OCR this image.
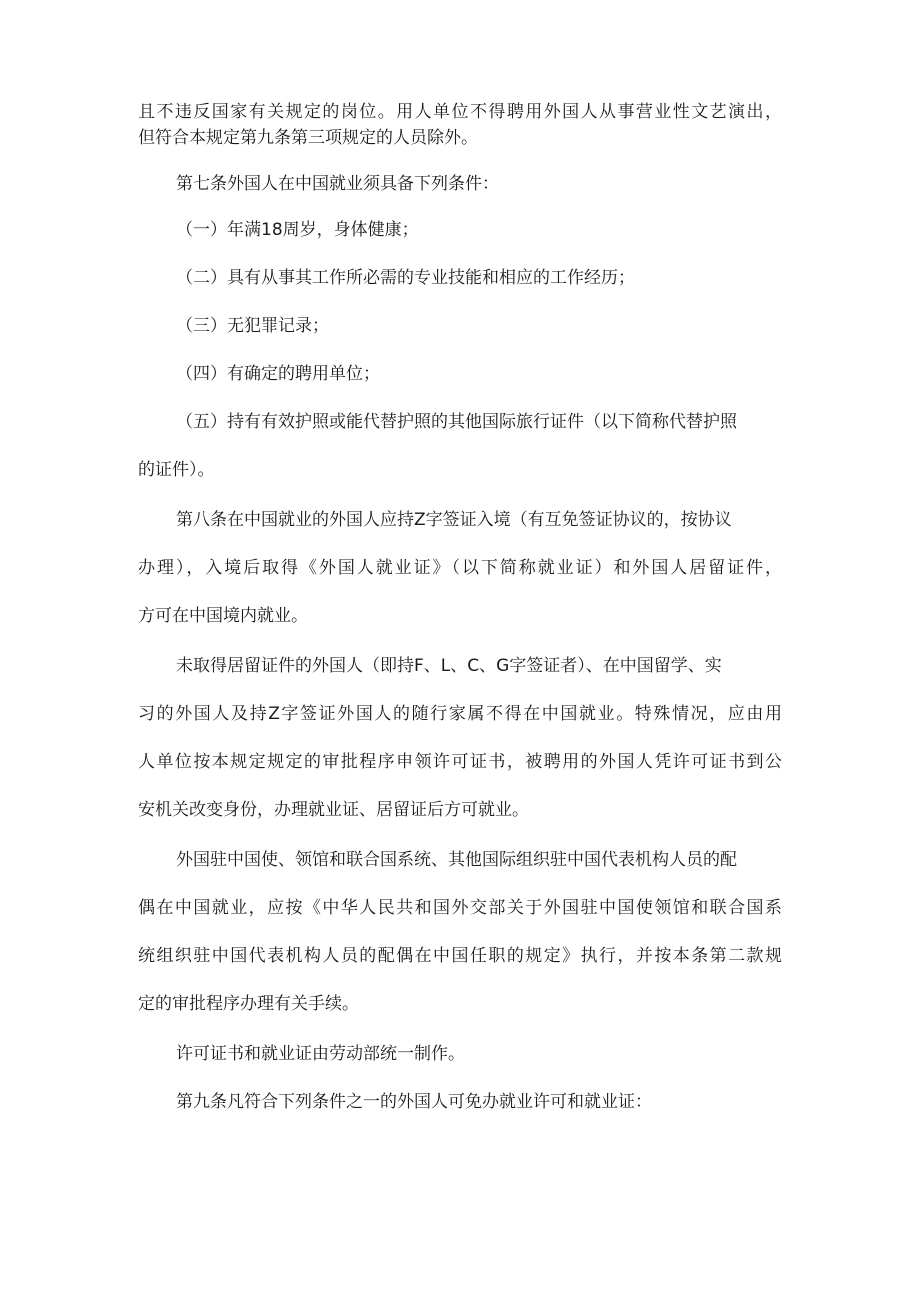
且不违反国家有关规定的岗位。用人单位不得聘用外国人从事营业性文艺演出，
但符合本规定第九条第三项规定的人员除外。
第七条外国人在中国就业须具备下列条件：
（一）年满18周岁，身体健康；
（二）具有从事其工作所必需的专业技能和相应的工作经历；
（三）无犯罪记录；
（四）有确定的聘用单位；
（五）持有有效护照或能代替护照的其他国际旅行证件（以下简称代替护照
的证件）。
第八条在中国就业的外国人应持Z字签证入境（有互免签证协议的，按协议
办理），入境后取得《外国人就业证》（以下简称就业证）和外国人居留证件，
方可在中国境内就业。
未取得居留证件的外国人（即持F、L、C、G字签证者）、在中国留学、实
习的外国人及持Z字签证外国人的随行家属不得在中国就业。特殊情况，应由用
人单位按本规定规定的审批程序申领许可证书，被聘用的外国人凭许可证书到公
安机关改变身份，办理就业证、居留证后方可就业。
外国驻中国使、领馆和联合国系统、其他国际组织驻中国代表机构人员的配
偶在中国就业，应按《中华人民共和国外交部关于外国驻中国使领馆和联合国系
统组织驻中国代表机构人员的配偶在中国任职的规定》执行，并按本条第二款规
定的审批程序办理有关手续。
许可证书和就业证由劳动部统一制作。
第九条凡符合下列条件之一的外国人可免办就业许可和就业证：
